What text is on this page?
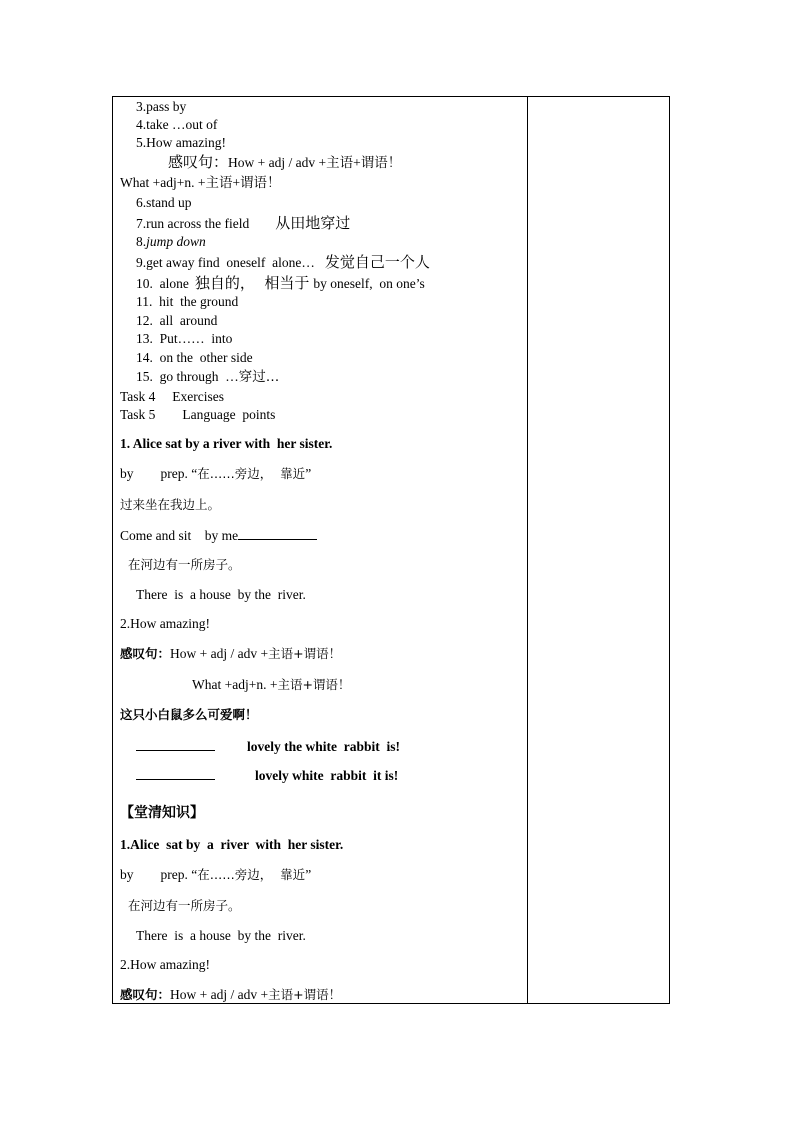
3.pass by
4.take …out of
5.How amazing!
感叹句：How + adj / adv +主语+谓语！
What +adj+n. +主语+谓语！
6.stand up
7.run across the field 从田地穿过
8.jump down
9.get away find  oneself  alone… 发觉自己一个人
10.  alone 独自的，  相当于 by oneself,  on one’s
11.  hit  the ground
12.  all  around
13.  Put……  into
14.  on the  other side
15.  go through  …穿过…
Task 4     Exercises
Task 5        Language  points
1. Alice sat by a river with  her sister.
by        prep. “在……旁边，  靠近”
过来坐在我边上。
Come and sit    by me
在河边有一所房子。
There  is  a house  by the  river.
2.How amazing!
感叹句：How + adj / adv +主语+谓语！
What +adj+n. +主语+谓语！
这只小白鼠多么可爱啊！
lovely the white  rabbit  is!
lovely white  rabbit  it is!
【堂清知识】
1.Alice  sat by  a  river  with  her sister.
by        prep. “在……旁边，  靠近”
在河边有一所房子。
There  is  a house  by the  river.
2.How amazing!
感叹句：How + adj / adv +主语+谓语！
